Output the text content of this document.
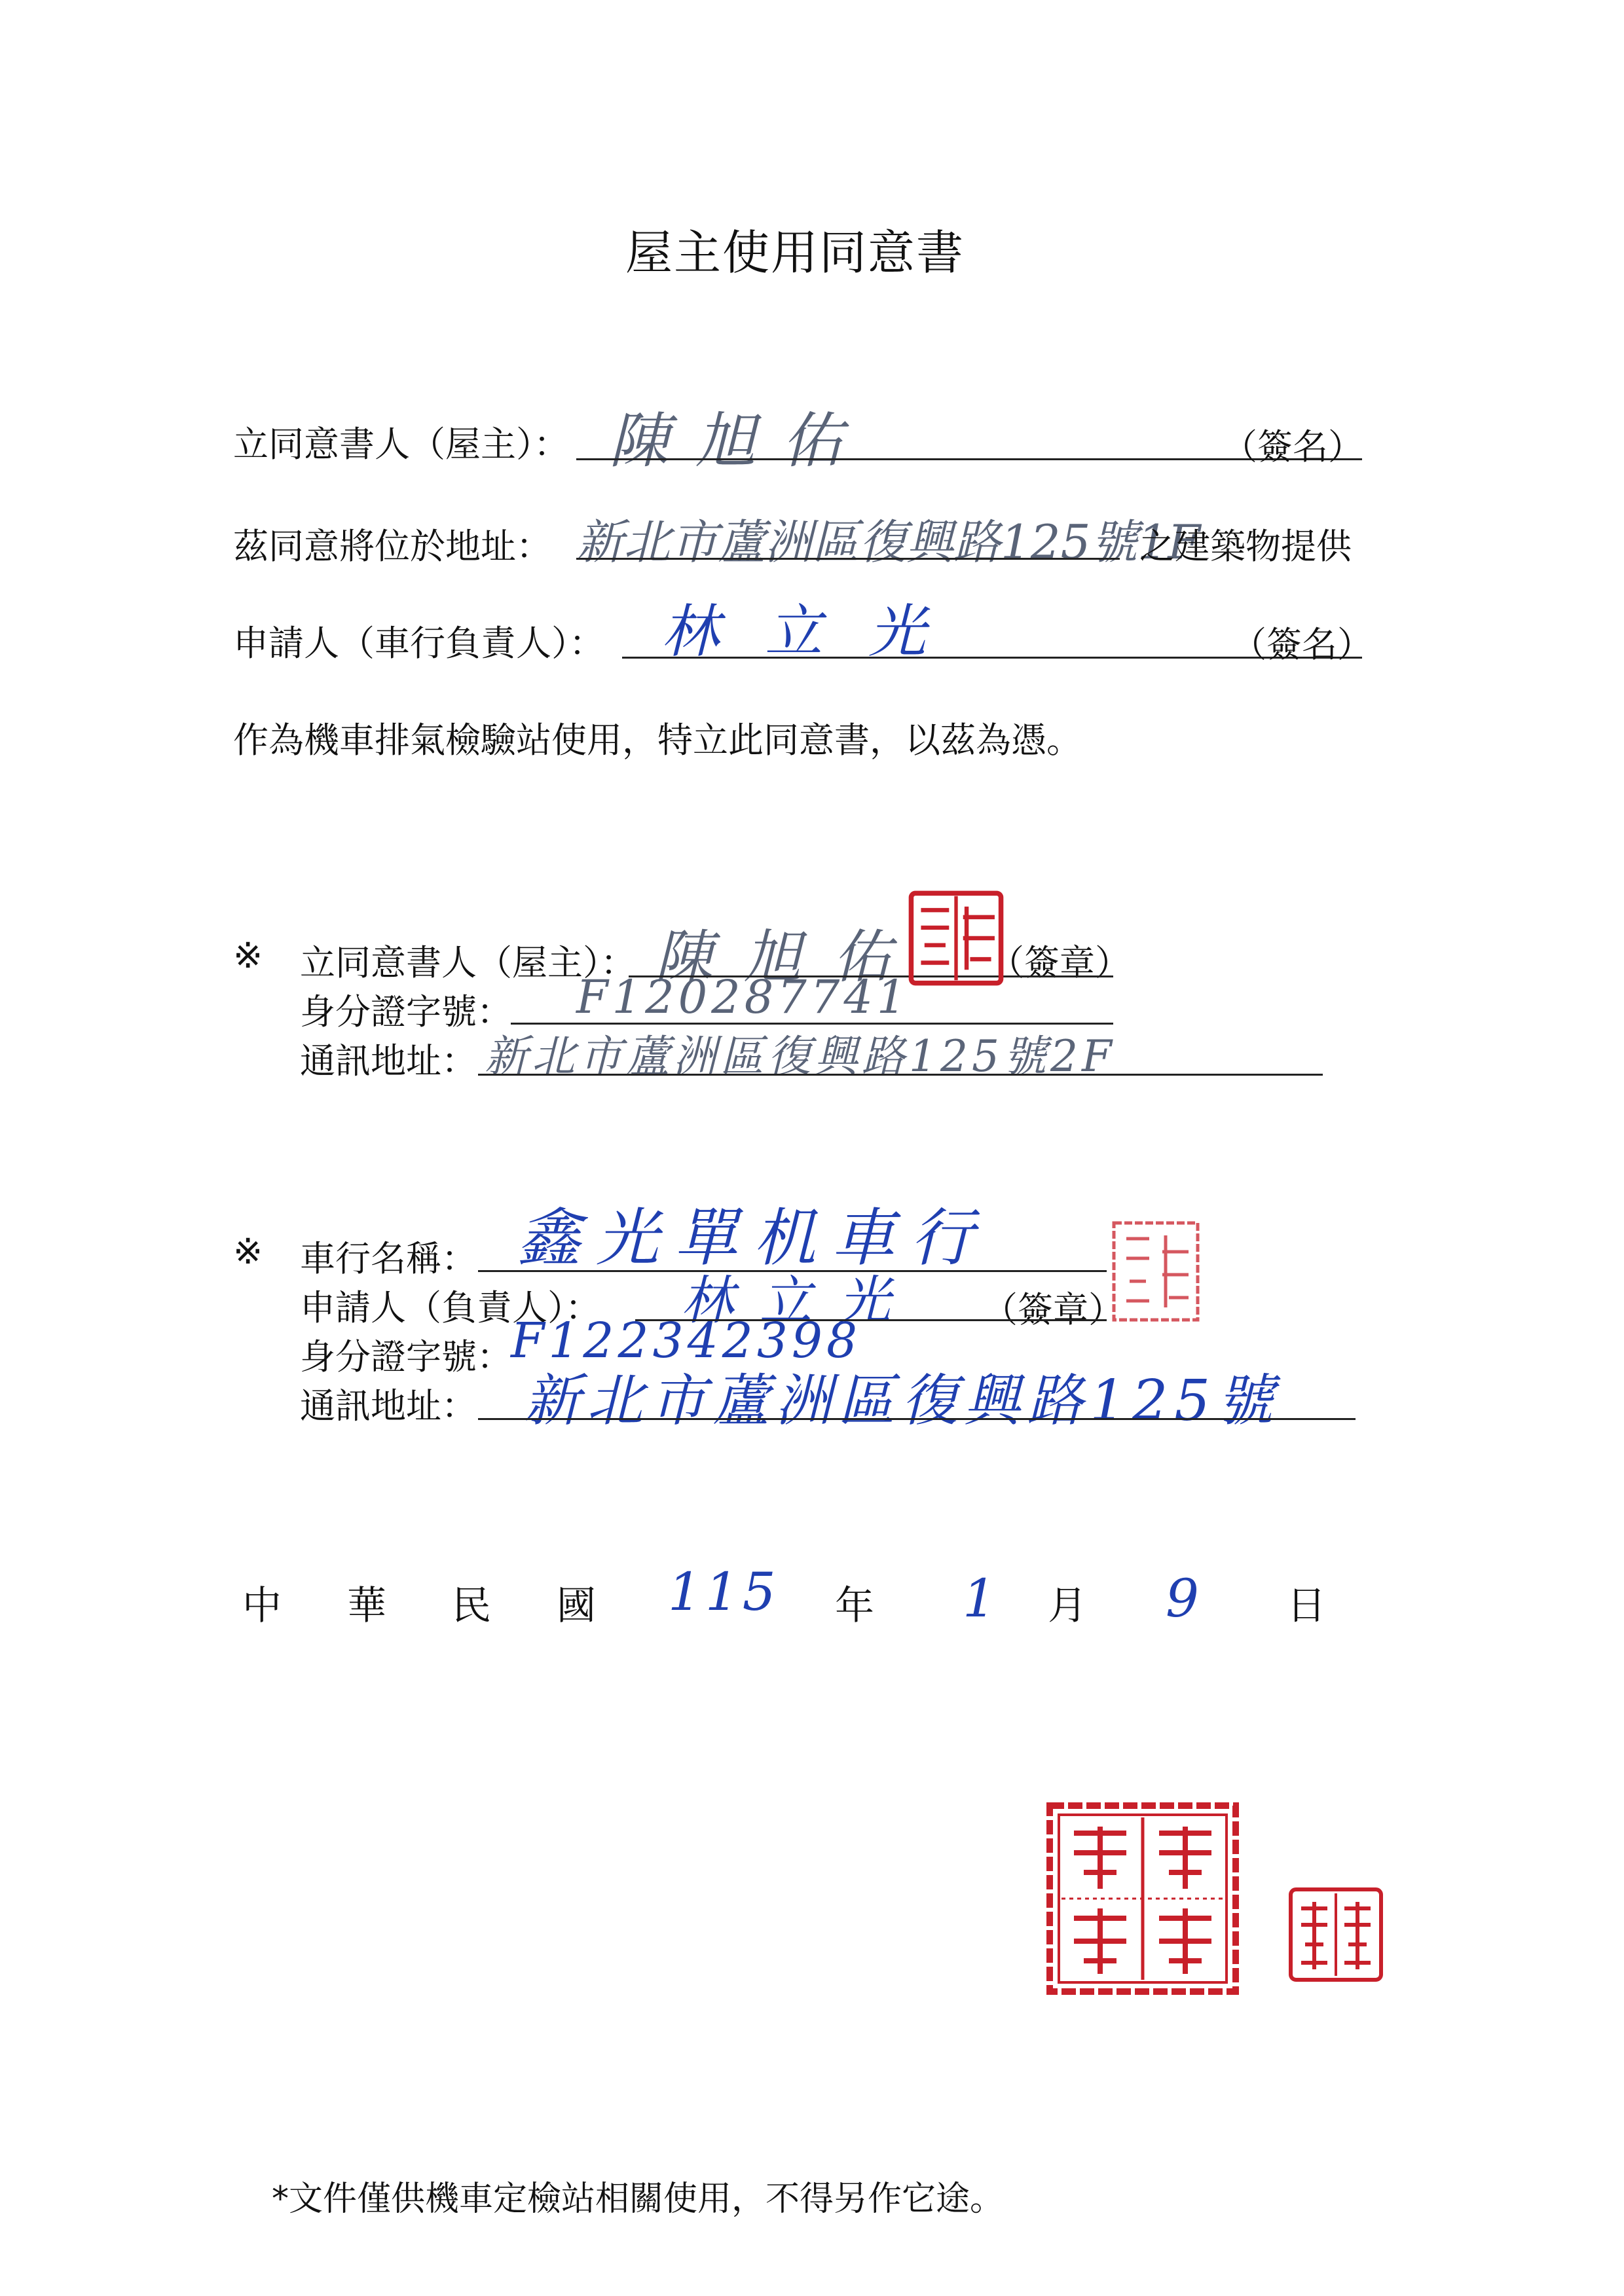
屋主使用同意書
立同意書人（屋主）： 陳旭佑	（簽名）
茲同意將位於地址： 新北市蘆洲區復興路125號1F
之建築物提供
申請人（車行負責人）： 林立光	（簽名）
作為機車排氣檢驗站使用，特立此同意書，以茲為憑。
※ 立同意書人（屋主）： 陳旭佑 （簽章）
身分證字號： F120287741
通訊地址： 新北市蘆洲區復興路125號2F
※ 車行名稱： 鑫光單机車行
申請人（負責人）： 林立光 （簽章）
身分證字號：
F122342398
通訊地址： 新北市蘆洲區復興路125號
中 華 民 國 115 年 1 月 9 日
*文件僅供機車定檢站相關使用，不得另作它途。
